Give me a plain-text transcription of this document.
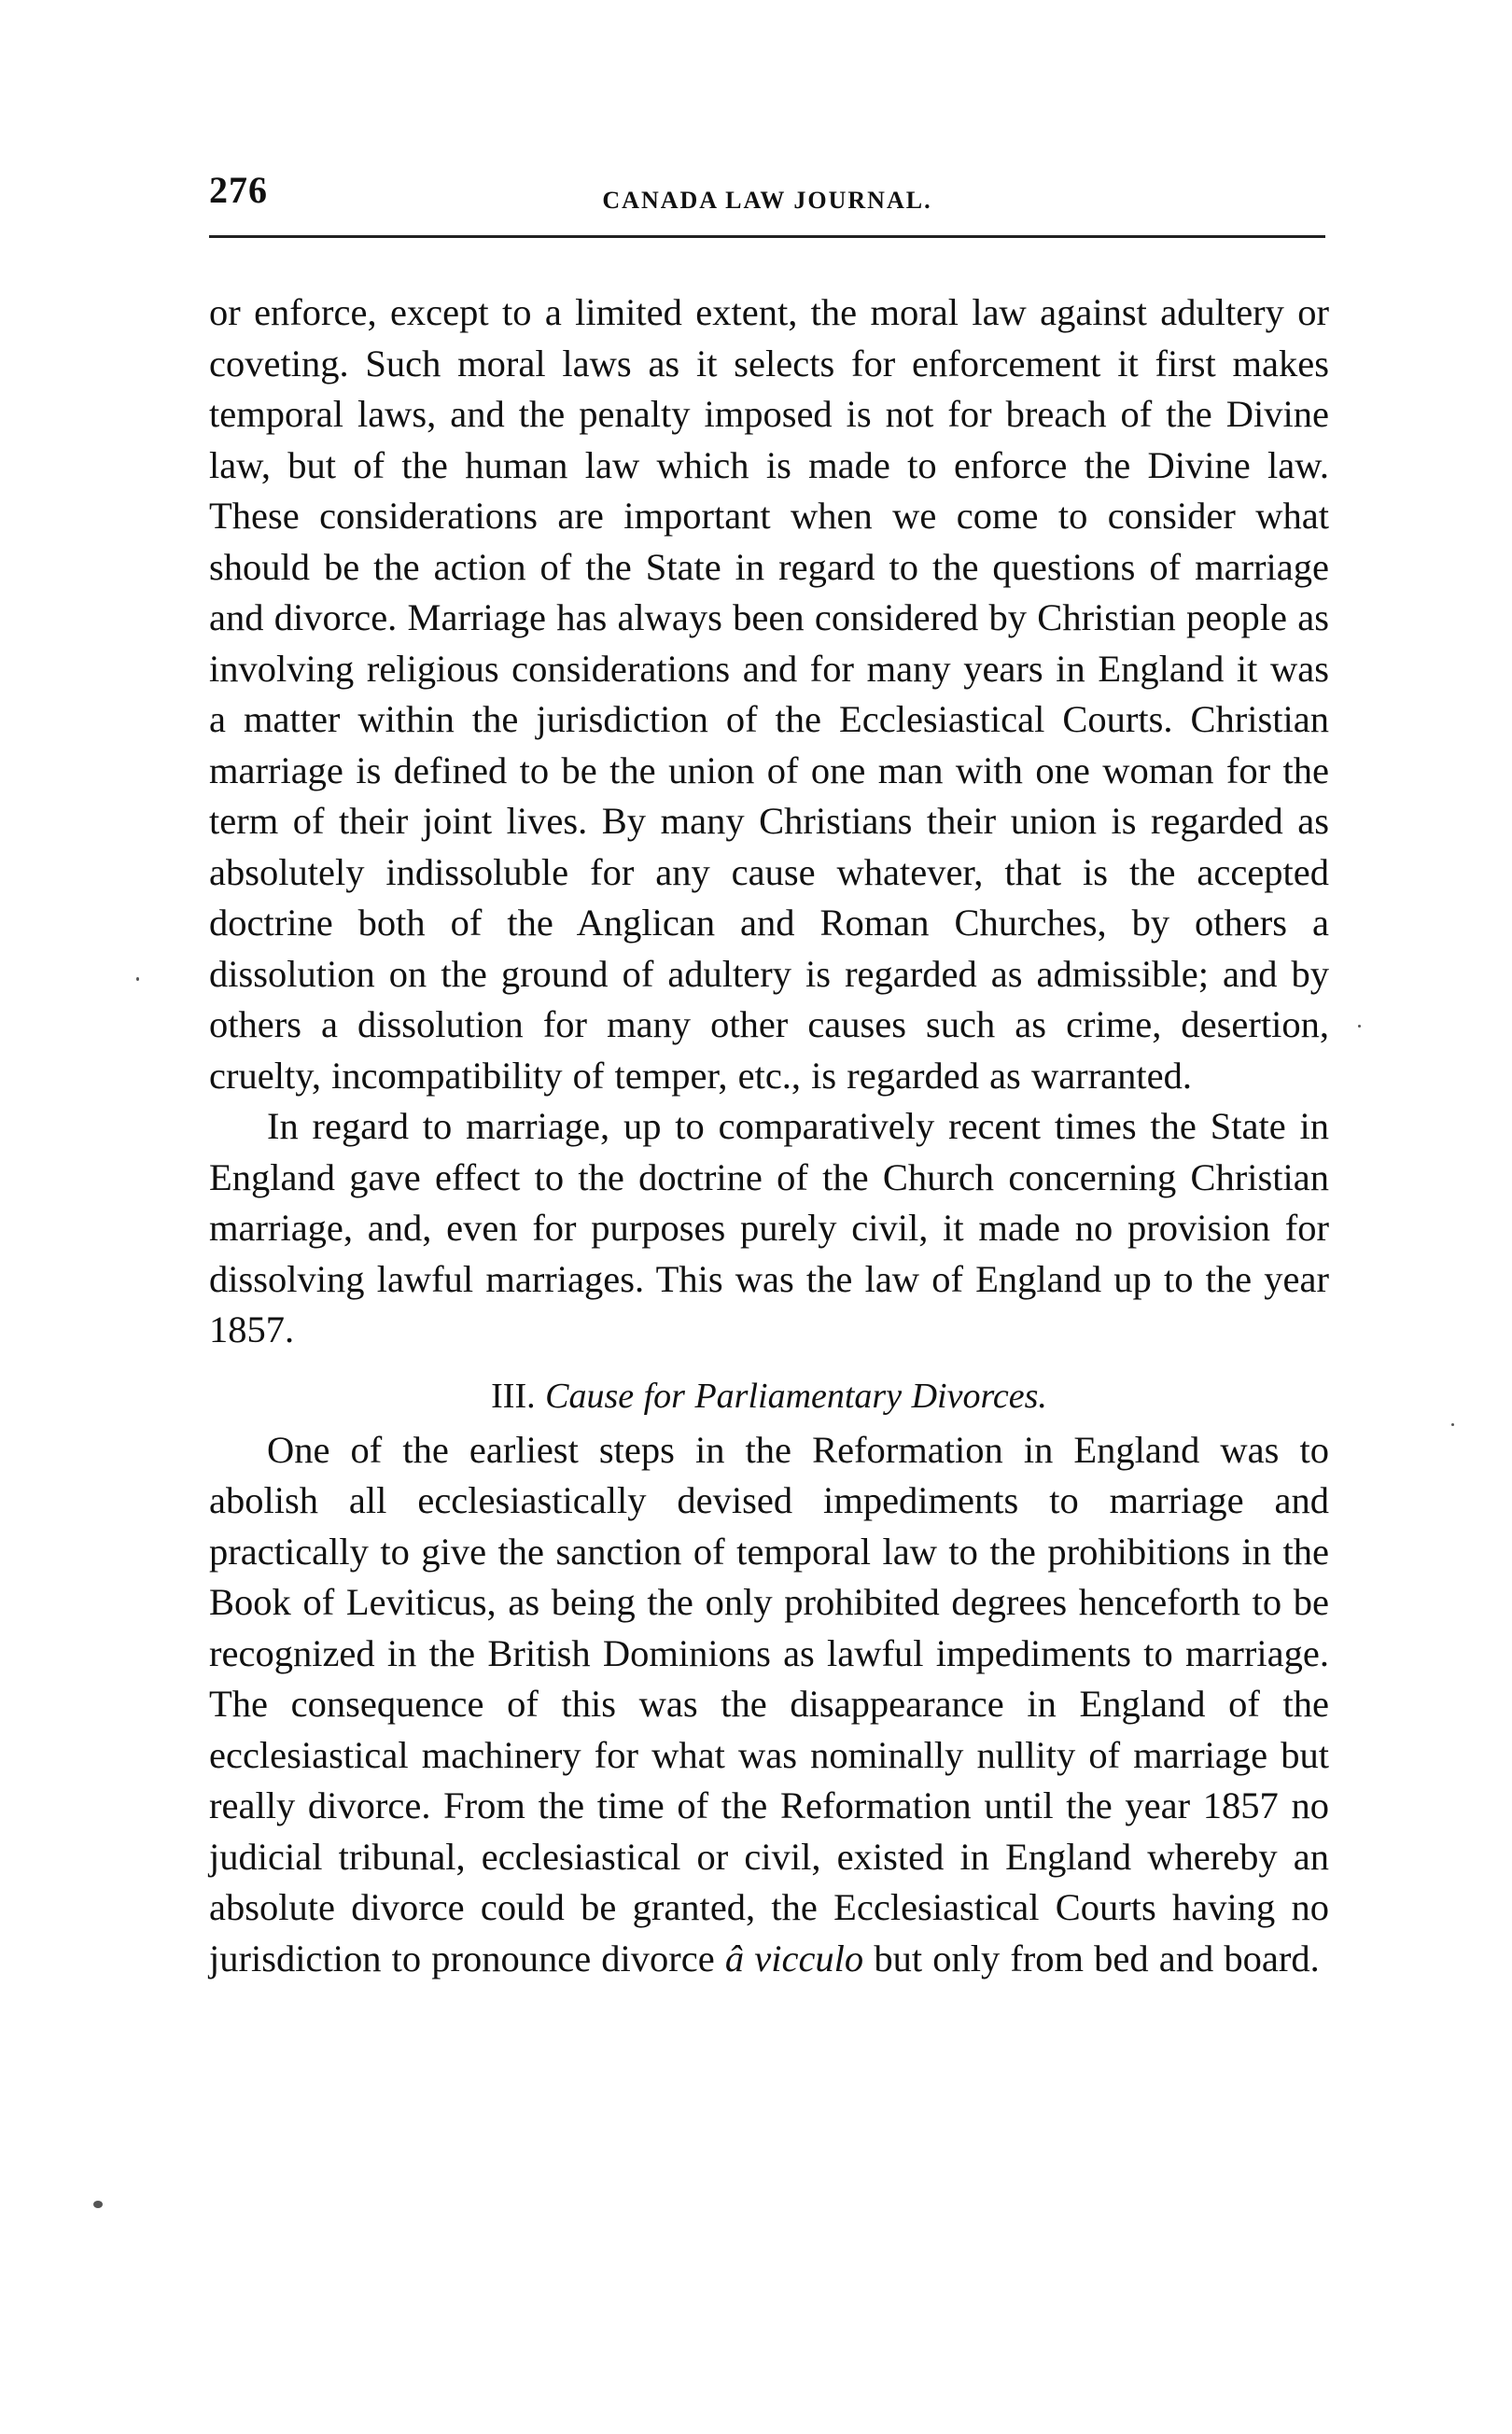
276	CANADA LAW JOURNAL.

or enforce, except to a limited extent, the moral law against adultery or coveting. Such moral laws as it selects for enforcement it first makes temporal laws, and the penalty imposed is not for breach of the Divine law, but of the human law which is made to enforce the Divine law. These considerations are important when we come to consider what should be the action of the State in regard to the questions of marriage and divorce. Marriage has always been considered by Christian people as involving religious considerations and for many years in England it was a matter within the jurisdiction of the Ecclesiastical Courts. Christian marriage is defined to be the union of one man with one woman for the term of their joint lives. By many Christians their union is regarded as absolutely indissoluble for any cause whatever, that is the accepted doctrine both of the Anglican and Roman Churches, by others a dissolution on the ground of adultery is regarded as admissible; and by others a dissolution for many other causes such as crime, desertion, cruelty, incompatibility of temper, etc., is regarded as warranted.

In regard to marriage, up to comparatively recent times the State in England gave effect to the doctrine of the Church concerning Christian marriage, and, even for purposes purely civil, it made no provision for dissolving lawful marriages. This was the law of England up to the year 1857.

III. Cause for Parliamentary Divorces.

One of the earliest steps in the Reformation in England was to abolish all ecclesiastically devised impediments to marriage and practically to give the sanction of temporal law to the prohibitions in the Book of Leviticus, as being the only prohibited degrees henceforth to be recognized in the British Dominions as lawful impediments to marriage. The consequence of this was the disappearance in England of the ecclesiastical machinery for what was nominally nullity of marriage but really divorce. From the time of the Reformation until the year 1857 no judicial tribunal, ecclesiastical or civil, existed in England whereby an absolute divorce could be granted, the Ecclesiastical Courts having no jurisdiction to pronounce divorce â vicculo but only from bed and board.
